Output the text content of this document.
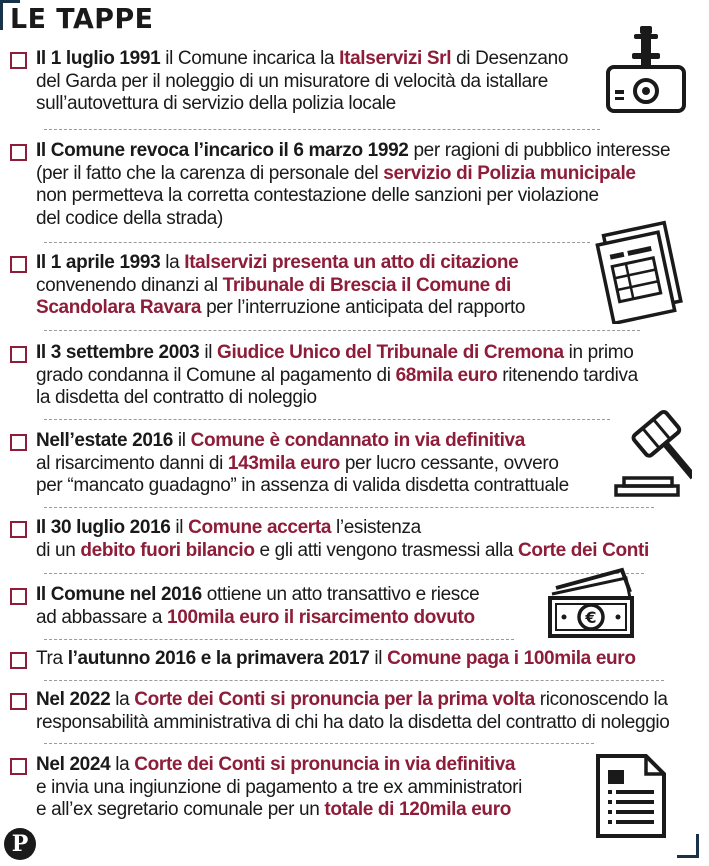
LE TAPPE
Il 1 luglio 1991 il Comune incarica la Italservizi Srl di Desenzano
del Garda per il noleggio di un misuratore di velocità da istallare
sull’autovettura di servizio della polizia locale
Il Comune revoca l’incarico il 6 marzo 1992 per ragioni di pubblico interesse
(per il fatto che la carenza di personale del servizio di Polizia municipale
non permetteva la corretta contestazione delle sanzioni per violazione
del codice della strada)
Il 1 aprile 1993 la Italservizi presenta un atto di citazione
convenendo dinanzi al Tribunale di Brescia il Comune di
Scandolara Ravara per l’interruzione anticipata del rapporto
Il 3 settembre 2003 il Giudice Unico del Tribunale di Cremona in primo
grado condanna il Comune al pagamento di 68mila euro ritenendo tardiva
la disdetta del contratto di noleggio
Nell’estate 2016 il Comune è condannato in via definitiva
al risarcimento danni di 143mila euro per lucro cessante, ovvero
per “mancato guadagno” in assenza di valida disdetta contrattuale
Il 30 luglio 2016 il Comune accerta l’esistenza
di un debito fuori bilancio e gli atti vengono trasmessi alla Corte dei Conti
Il Comune nel 2016 ottiene un atto transattivo e riesce
ad abbassare a 100mila euro il risarcimento dovuto
Tra l’autunno 2016 e la primavera 2017 il Comune paga i 100mila euro
Nel 2022 la Corte dei Conti si pronuncia per la prima volta riconoscendo la
responsabilità amministrativa di chi ha dato la disdetta del contratto di noleggio
Nel 2024 la Corte dei Conti si pronuncia in via definitiva
e invia una ingiunzione di pagamento a tre ex amministratori
e all’ex segretario comunale per un totale di 120mila euro
€
P
